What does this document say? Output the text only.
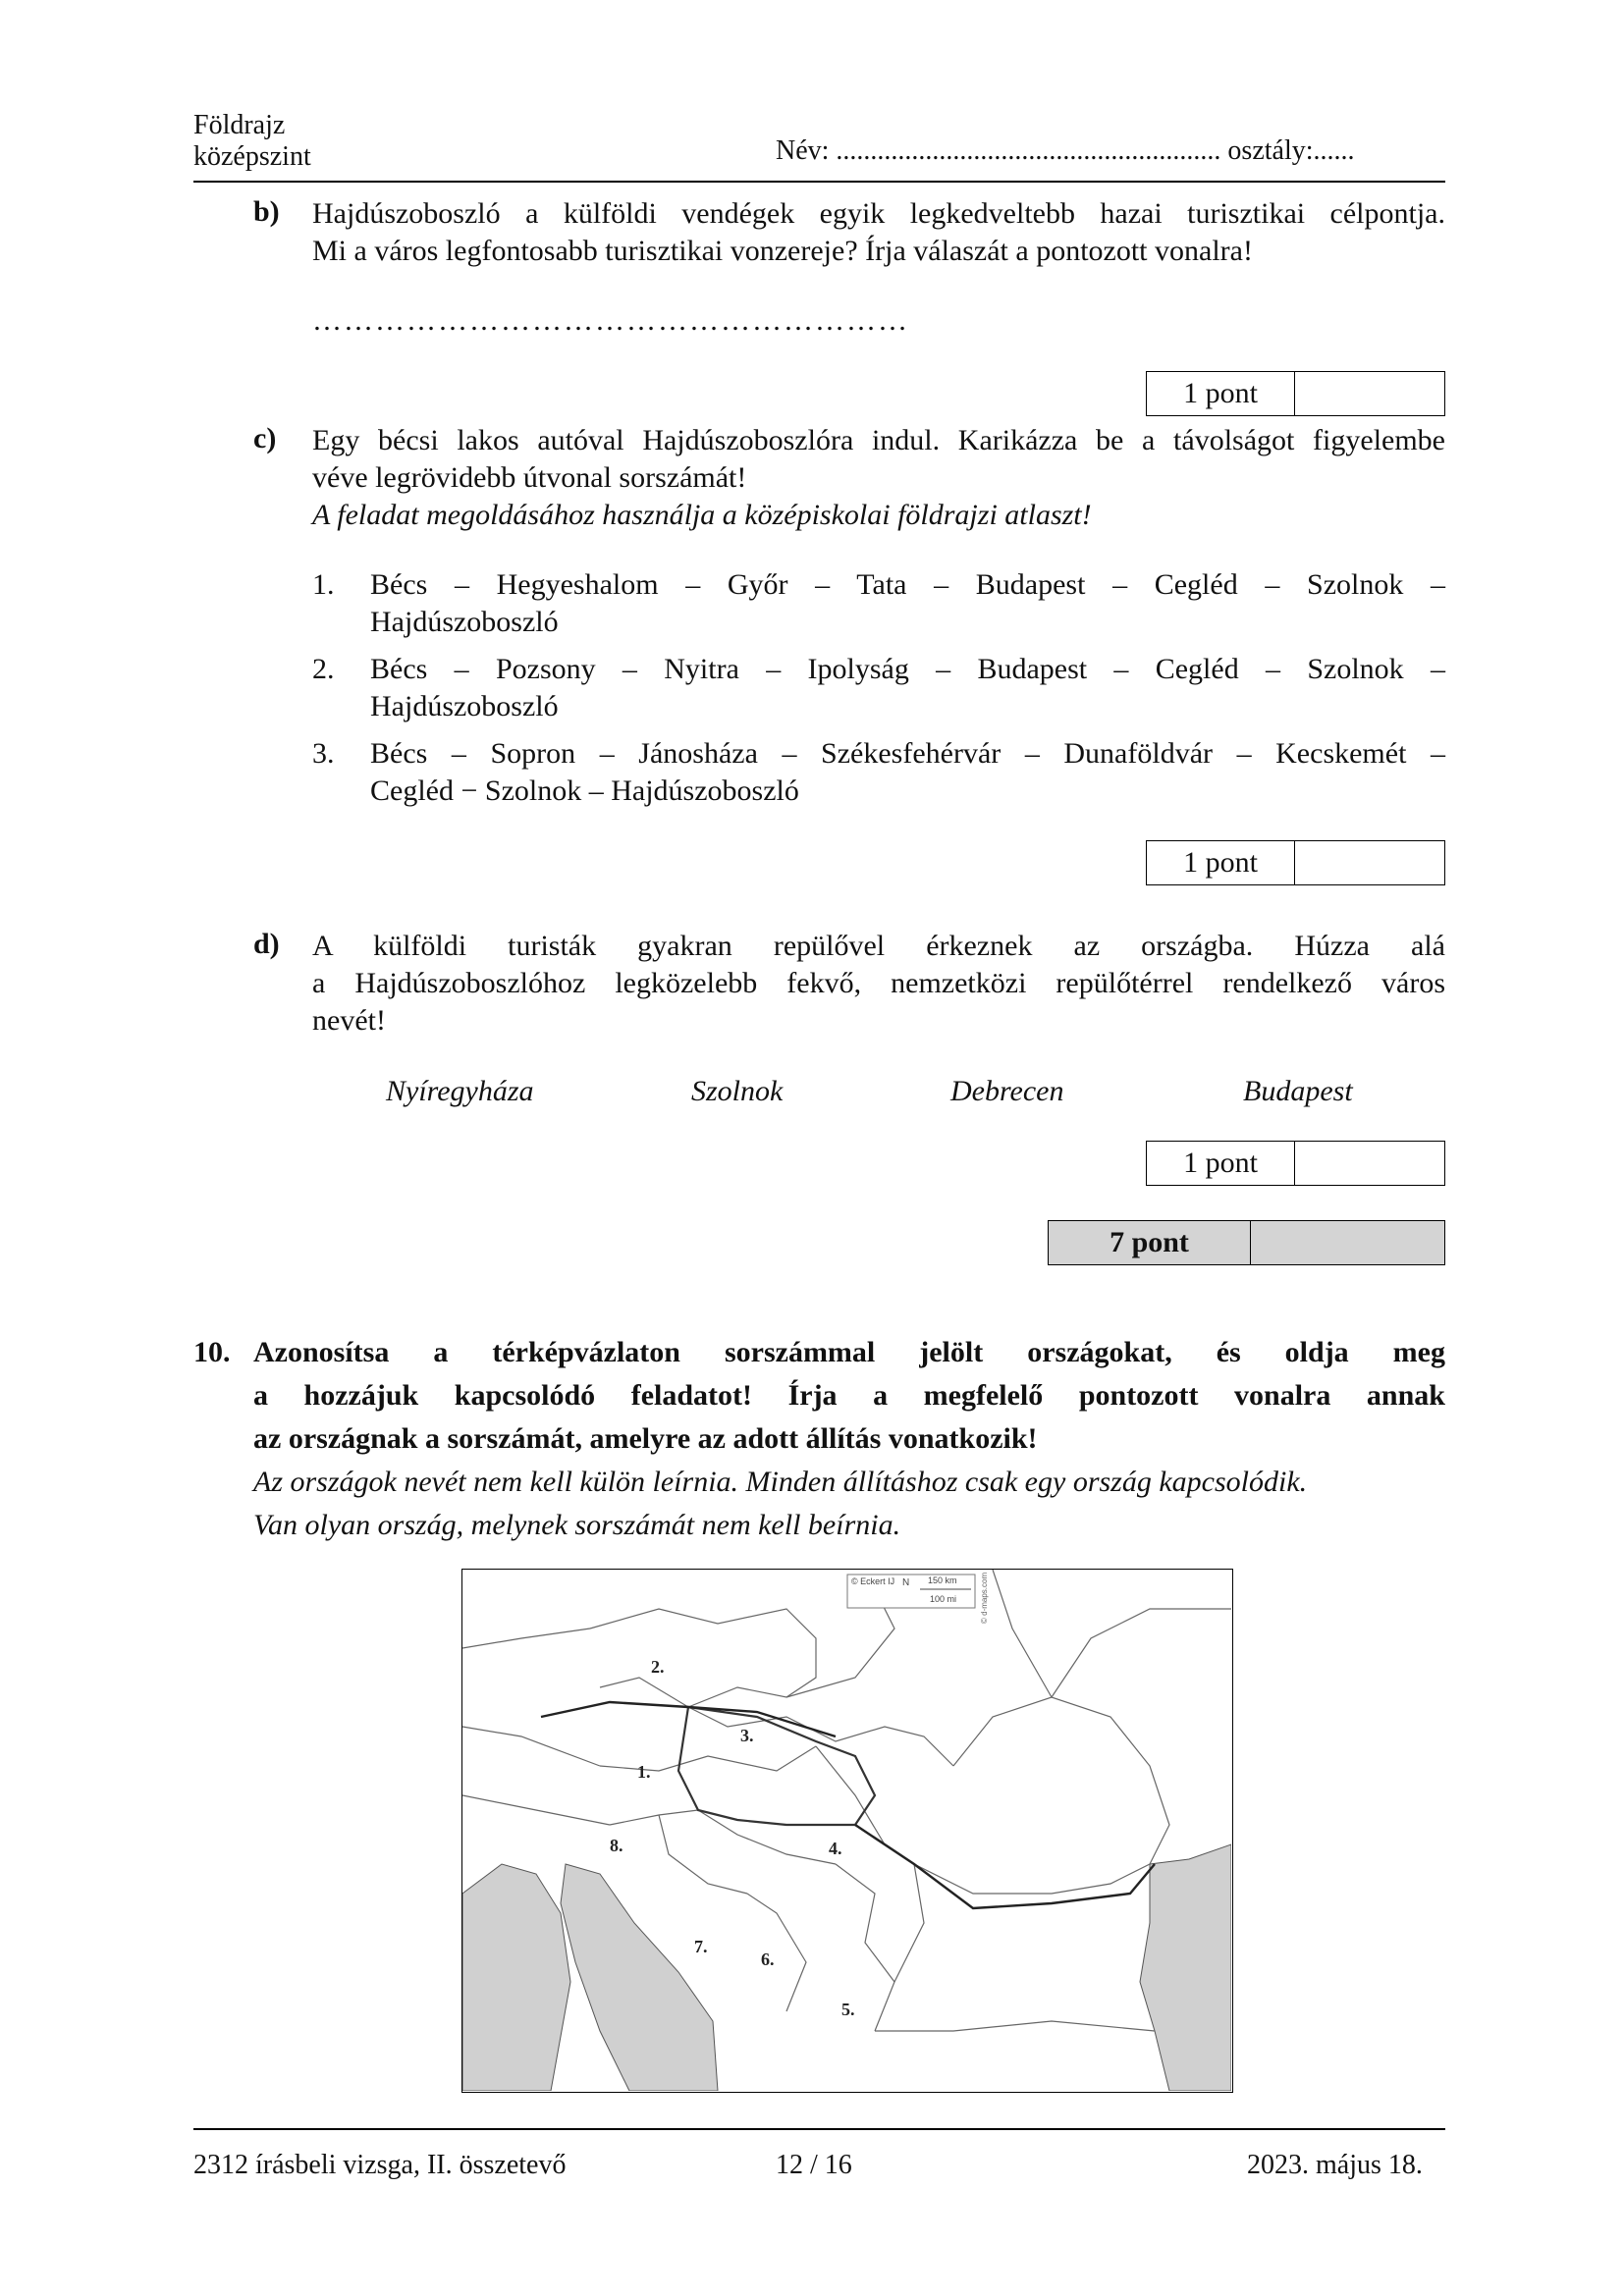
Földrajz
középszint	Név: ........................................................ osztály:......
b) Hajdúszoboszló a külföldi vendégek egyik legkedveltebb hazai turisztikai célpontja.
Mi a város legfontosabb turisztikai vonzereje? Írja válaszát a pontozott vonalra!
…………………………………………………
1 pont
c) Egy bécsi lakos autóval Hajdúszoboszlóra indul. Karikázza be a távolságot figyelembe
véve legrövidebb útvonal sorszámát!
A feladat megoldásához használja a középiskolai földrajzi atlaszt!
1. Bécs – Hegyeshalom – Győr – Tata – Budapest – Cegléd – Szolnok –
Hajdúszoboszló
2. Bécs – Pozsony – Nyitra – Ipolyság – Budapest – Cegléd – Szolnok –
Hajdúszoboszló
3. Bécs – Sopron – Jánosháza – Székesfehérvár – Dunaföldvár – Kecskemét –
Cegléd − Szolnok – Hajdúszoboszló
1 pont
d) A külföldi turisták gyakran repülővel érkeznek az országba. Húzza alá
a Hajdúszoboszlóhoz legközelebb fekvő, nemzetközi repülőtérrel rendelkező város
nevét!
Nyíregyháza	Szolnok	Debrecen	Budapest
1 pont
7 pont
10. Azonosítsa a térképvázlaton sorszámmal jelölt országokat, és oldja meg
a hozzájuk kapcsolódó feladatot! Írja a megfelelő pontozott vonalra annak
az országnak a sorszámát, amelyre az adott állítás vonatkozik!
Az országok nevét nem kell külön leírnia. Minden állításhoz csak egy ország kapcsolódik.
Van olyan ország, melynek sorszámát nem kell beírnia.
© Eckert IJ N 150 km
100 mi	© d-maps.com
1.
2.
3.
4.
5.
6.
7.
8.
2312 írásbeli vizsga, II. összetevő	12 / 16	2023. május 18.
